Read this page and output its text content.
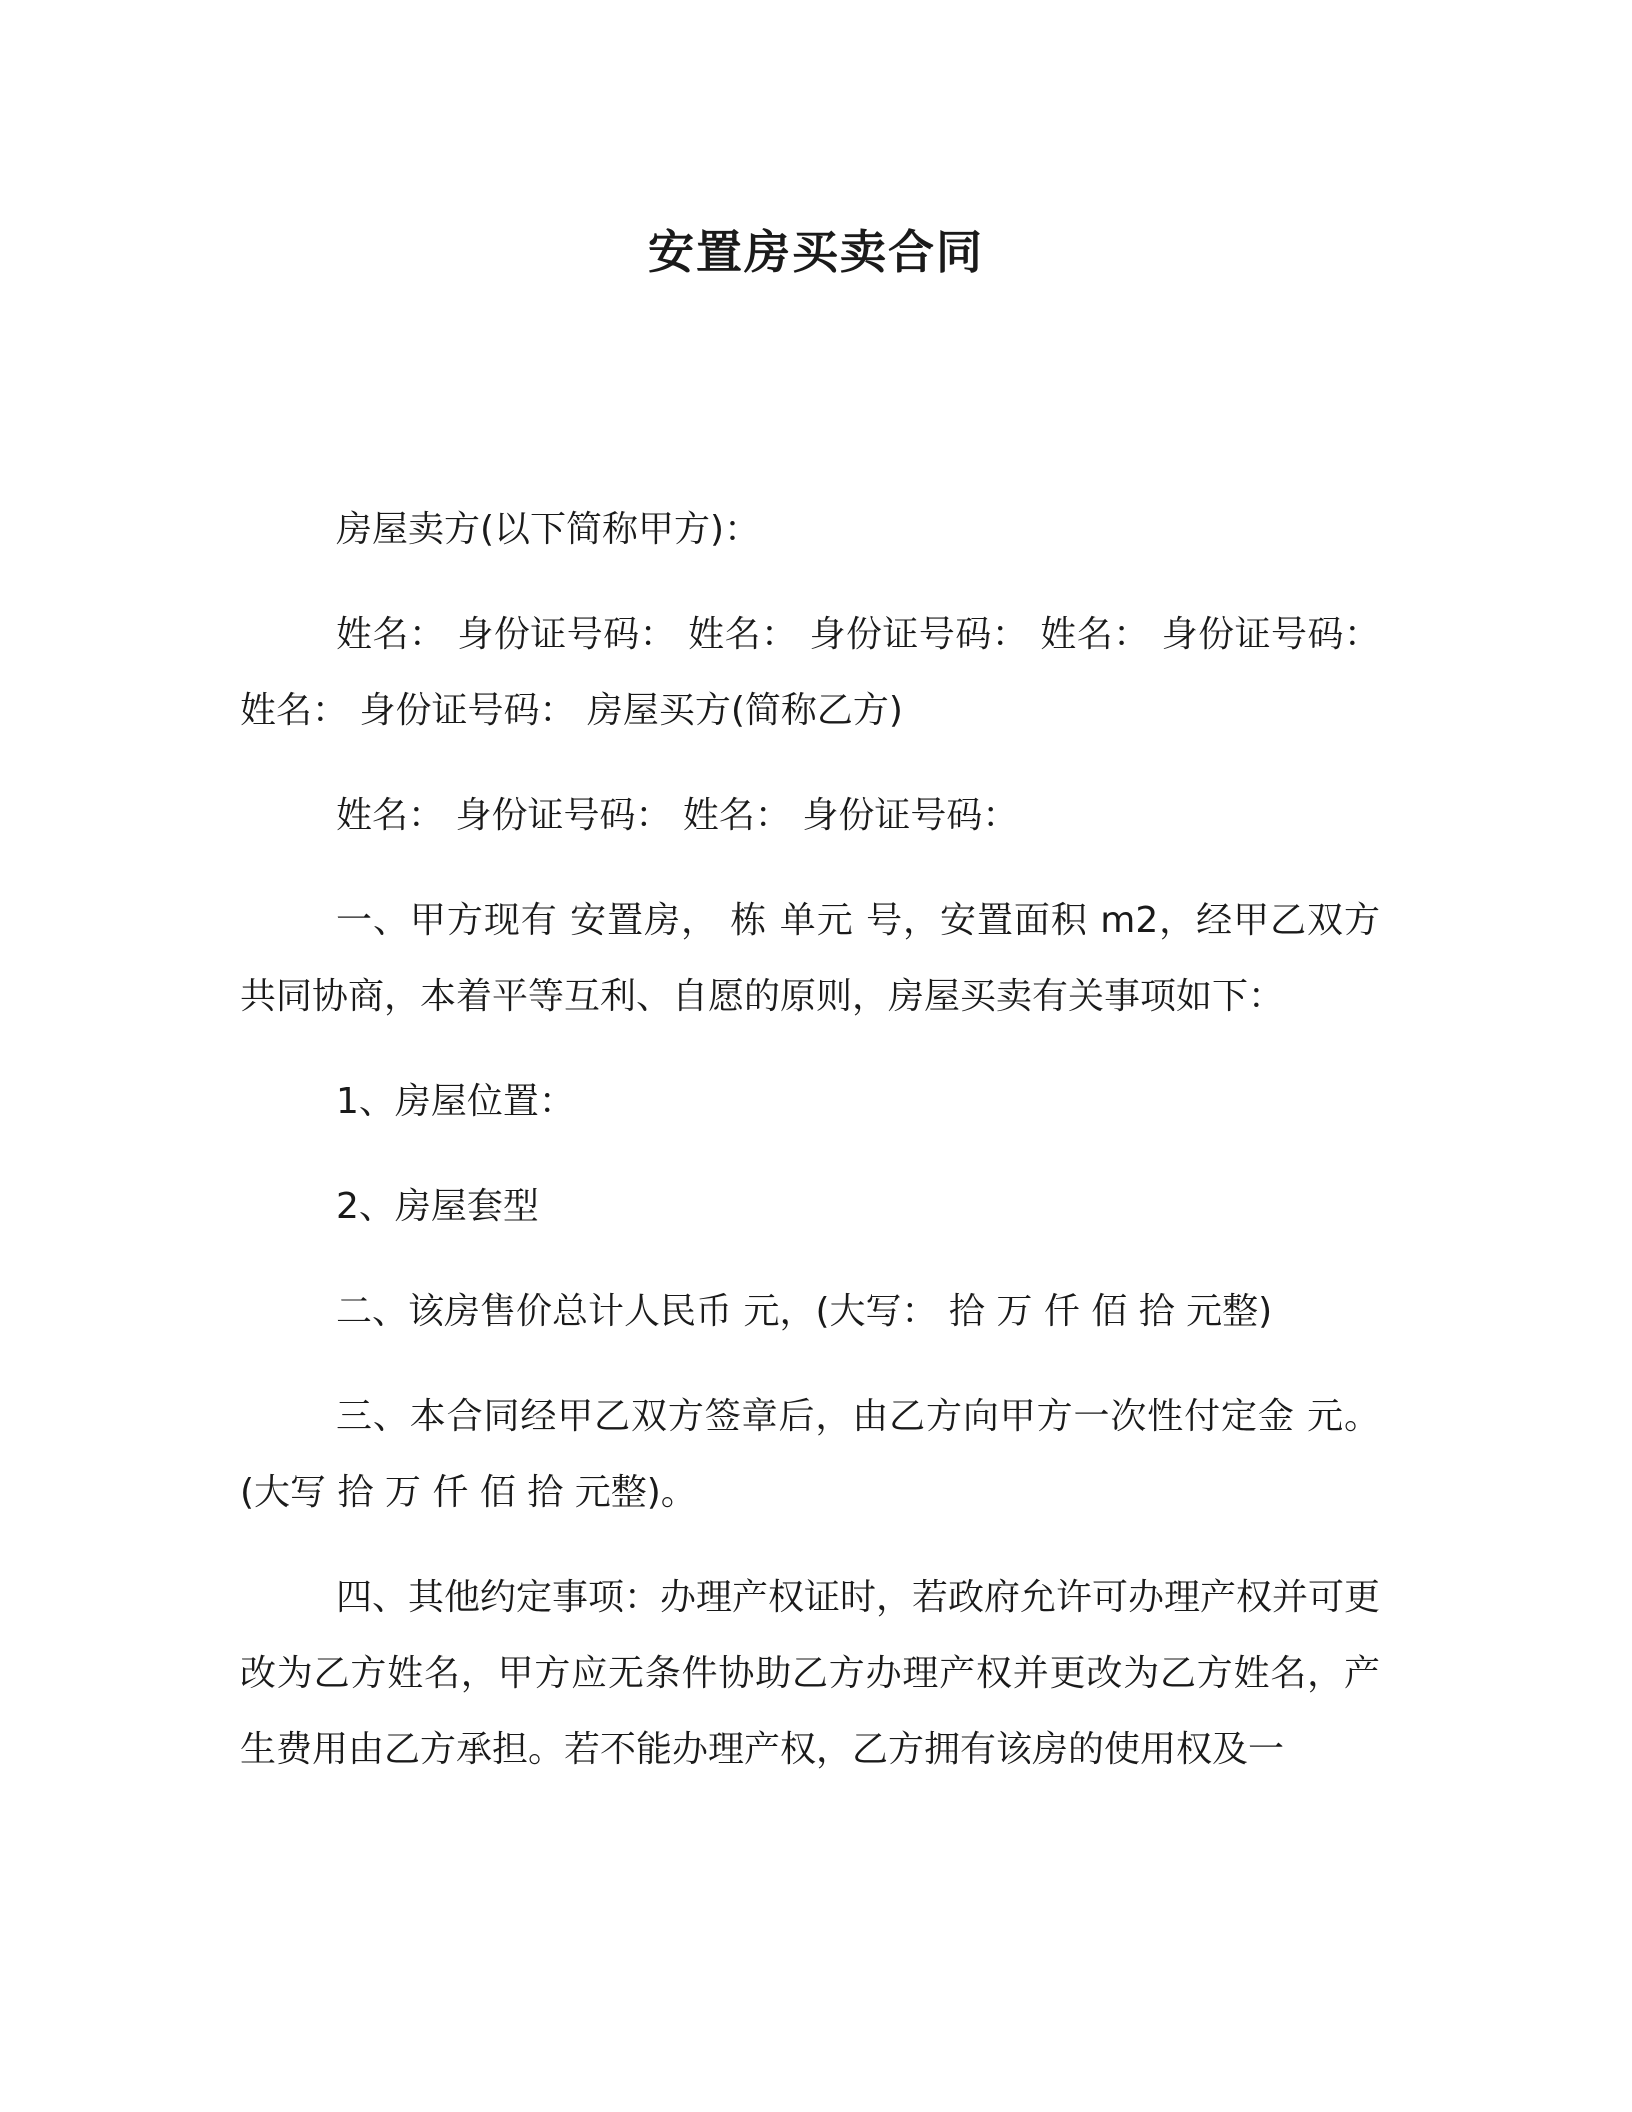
安置房买卖合同

房屋卖方(以下简称甲方)：

姓名： 身份证号码： 姓名： 身份证号码： 姓名： 身份证号码： 姓名： 身份证号码： 房屋买方(简称乙方)

姓名： 身份证号码： 姓名： 身份证号码：

一、甲方现有 安置房， 栋 单元 号，安置面积 m2，经甲乙双方共同协商，本着平等互利、自愿的原则，房屋买卖有关事项如下：

1、房屋位置：

2、房屋套型

二、该房售价总计人民币 元，(大写： 拾 万 仟 佰 拾 元整)

三、本合同经甲乙双方签章后，由乙方向甲方一次性付定金 元。(大写 拾 万 仟 佰 拾 元整)。

四、其他约定事项：办理产权证时，若政府允许可办理产权并可更改为乙方姓名，甲方应无条件协助乙方办理产权并更改为乙方姓名，产生费用由乙方承担。若不能办理产权，乙方拥有该房的使用权及一
